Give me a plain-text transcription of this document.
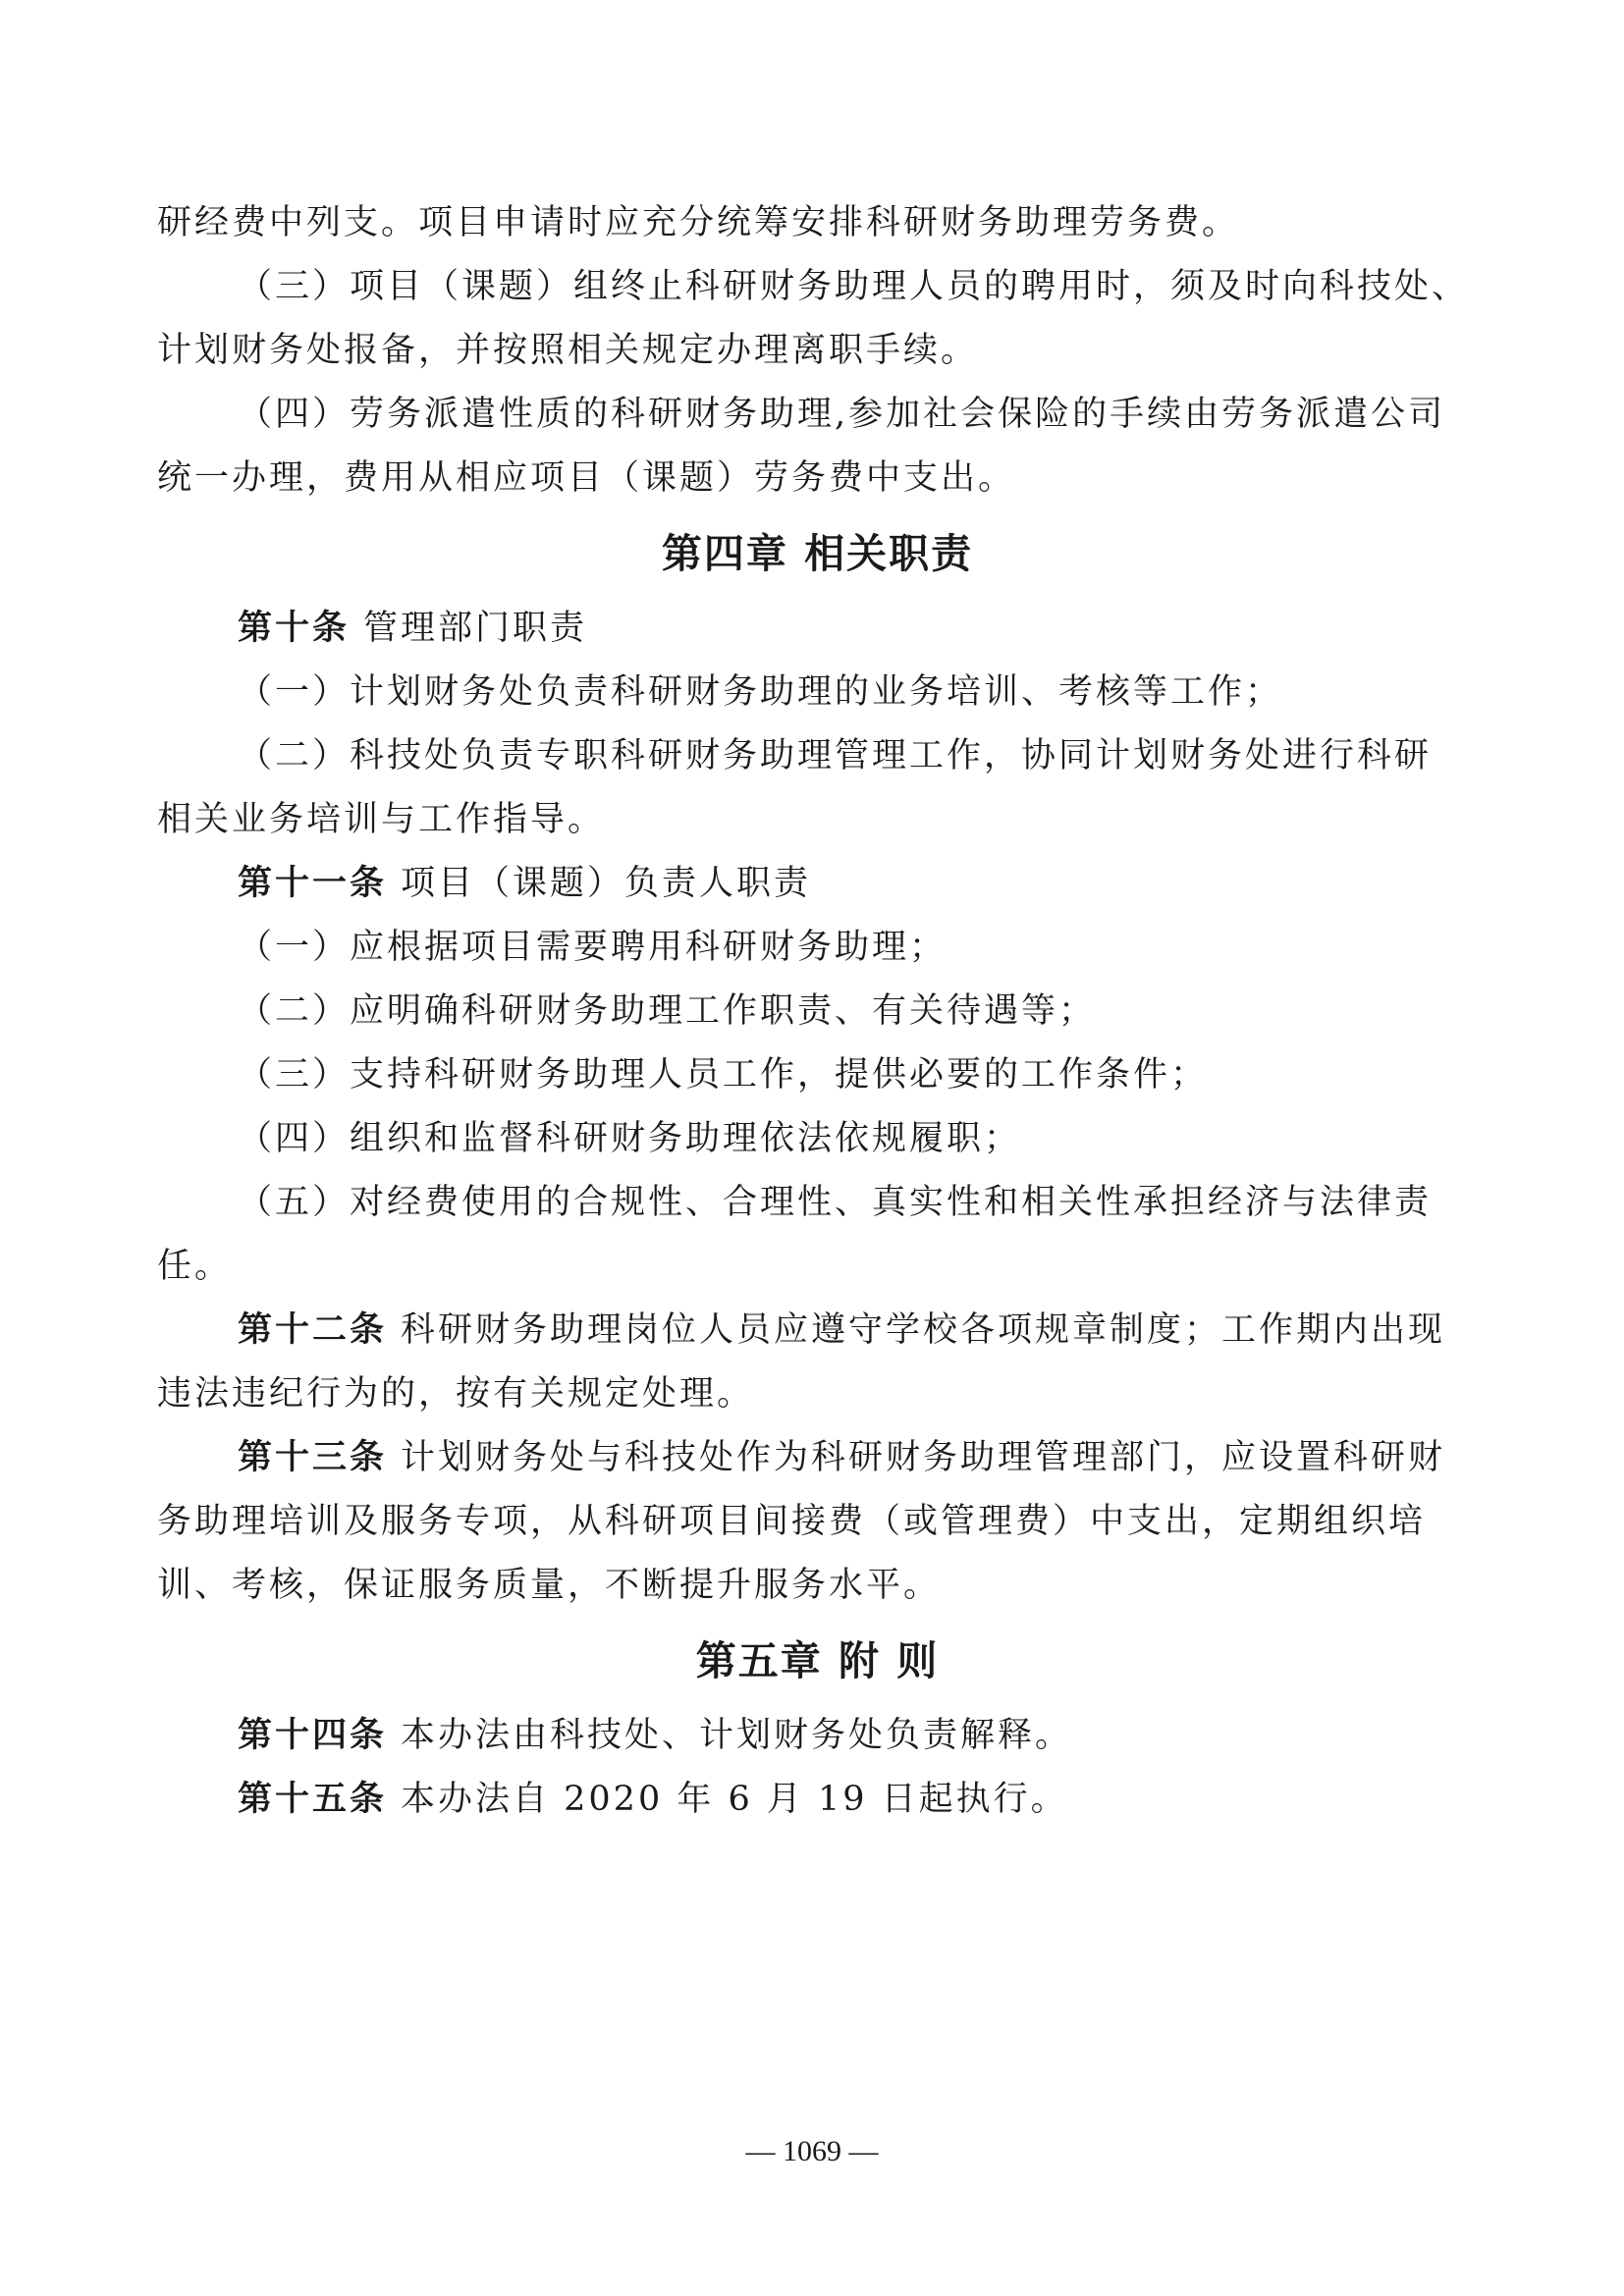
研经费中列支。项目申请时应充分统筹安排科研财务助理劳务费。
（三）项目（课题）组终止科研财务助理人员的聘用时，须及时向科技处、
计划财务处报备，并按照相关规定办理离职手续。
（四）劳务派遣性质的科研财务助理,参加社会保险的手续由劳务派遣公司
统一办理，费用从相应项目（课题）劳务费中支出。
第四章 相关职责
第十条 管理部门职责
（一）计划财务处负责科研财务助理的业务培训、考核等工作；
（二）科技处负责专职科研财务助理管理工作，协同计划财务处进行科研
相关业务培训与工作指导。
第十一条 项目（课题）负责人职责
（一）应根据项目需要聘用科研财务助理；
（二）应明确科研财务助理工作职责、有关待遇等；
（三）支持科研财务助理人员工作，提供必要的工作条件；
（四）组织和监督科研财务助理依法依规履职；
（五）对经费使用的合规性、合理性、真实性和相关性承担经济与法律责
任。
第十二条 科研财务助理岗位人员应遵守学校各项规章制度；工作期内出现
违法违纪行为的，按有关规定处理。
第十三条 计划财务处与科技处作为科研财务助理管理部门，应设置科研财
务助理培训及服务专项，从科研项目间接费（或管理费）中支出，定期组织培
训、考核，保证服务质量，不断提升服务水平。
第五章 附 则
第十四条 本办法由科技处、计划财务处负责解释。
第十五条 本办法自 2020 年 6 月 19 日起执行。
— 1069 —
